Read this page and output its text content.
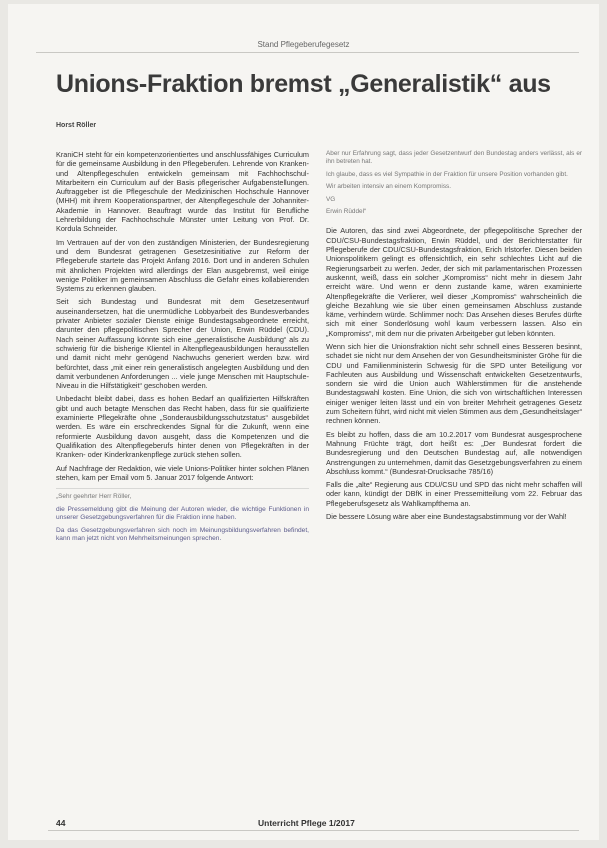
Stand Pflegeberufegesetz
Unions-Fraktion bremst „Generalistik“ aus
Horst Röller

KraniCH steht für ein kompetenzorientiertes und anschlussfähiges Curriculum für die gemeinsame Ausbildung in den Pflegeberufen. Lehrende von Kranken- und Altenpflegeschulen entwickeln gemeinsam mit Fachhochschul-Mitarbeitern ein Curriculum auf der Basis pflegerischer Aufgabenstellungen. Auftraggeber ist die Pflegeschule der Medizinischen Hochschule Hannover (MHH) mit ihrem Kooperationspartner, der Altenpflegeschule der Johanniter-Akademie in Hannover. Beauftragt wurde das Institut für Berufliche Lehrerbildung der Fachhochschule Münster unter Leitung von Prof. Dr. Kordula Schneider.

Im Vertrauen auf der von den zuständigen Ministerien, der Bundesregierung und dem Bundesrat getragenen Gesetzesinitiative zur Reform der Pflegeberufe startete das Projekt Anfang 2016. Dort und in anderen Schulen mit ähnlichen Projekten wird allerdings der Elan ausgebremst, weil einige wenige Politiker im gemeinsamen Abschluss die Gefahr eines kollabierenden Systems zu erkennen glauben.

Seit sich Bundestag und Bundesrat mit dem Gesetzesentwurf auseinandersetzen, hat die unermüdliche Lobbyarbeit des Bundesverbandes privater Anbieter sozialer Dienste einige Bundestagsabgeordnete erreicht, darunter den pflegepolitischen Sprecher der Union, Erwin Rüddel (CDU). Nach seiner Auffassung könnte sich eine „generalistische Ausbildung“ als zu schwierig für die bisherige Klientel in Altenpflegeausbildungen herausstellen und damit nicht mehr genügend Nachwuchs generiert werden bzw. wird befürchtet, dass „mit einer rein generalistisch angelegten Ausbildung und den damit verbundenen Anforderungen ... viele junge Menschen mit Hauptschule-Niveau in die Hilfstätigkeit“ geschoben werden.

Unbedacht bleibt dabei, dass es hohen Bedarf an qualifizierten Hilfskräften gibt und auch betagte Menschen das Recht haben, dass für sie qualifizierte examinierte Pflegekräfte ohne „Sonderausbildungsschutzstatus“ ausgebildet werden. Es wäre ein erschreckendes Signal für die Zukunft, wenn eine reformierte Ausbildung davon ausgeht, dass die Kompetenzen und die Qualifikation des Altenpflegeberufs hinter denen von Pflegekräften in der Kranken- oder Kinderkrankenpflege zurück stehen sollen.

Auf Nachfrage der Redaktion, wie viele Unions-Politiker hinter solchen Plänen stehen, kam per Email vom 5. Januar 2017 folgende Antwort:

„Sehr geehrter Herr Röller,

die Pressemeldung gibt die Meinung der Autoren wieder, die wichtige Funktionen in unserer Gesetzgebungsverfahren für die Fraktion inne haben.

Da das Gesetzgebungsverfahren sich noch im Meinungsbildungsverfahren befindet, kann man jetzt nicht von Mehrheitsmeinungen sprechen.

Aber nur Erfahrung sagt, dass jeder Gesetzentwurf den Bundestag anders verlässt, als er ihn betreten hat.

Ich glaube, dass es viel Sympathie in der Fraktion für unsere Position vorhanden gibt.

Wir arbeiten intensiv an einem Kompromiss.

VG

Erwin Rüddel“

Die Autoren, das sind zwei Abgeordnete, der pflegepolitische Sprecher der CDU/CSU-Bundestagsfraktion, Erwin Rüddel, und der Berichterstatter für Pflegeberufe der CDU/CSU-Bundestagsfraktion, Erich Irlstorfer. Diesen beiden Unionspolitikern gelingt es offensichtlich, ein sehr schlechtes Licht auf die Regierungsarbeit zu werfen. Jeder, der sich mit parlamentarischen Prozessen auskennt, weiß, dass ein solcher „Kompromiss“ nicht mehr in diesem Jahr erreicht wäre. Und wenn er denn zustande kame, wären examinierte Altenpflegekräfte die Verlierer, weil dieser „Kompromiss“ wahrscheinlich die gleiche Bezahlung wie sie über einen gemeinsamen Abschluss zustande käme, verhindern würde. Schlimmer noch: Das Ansehen dieses Berufes dürfte sich mit einer Sonderlösung wohl kaum verbessern lassen. Also ein „Kompromiss“, mit dem nur die privaten Arbeitgeber gut leben könnten.

Wenn sich hier die Unionsfraktion nicht sehr schnell eines Besseren besinnt, schadet sie nicht nur dem Ansehen der von Gesundheitsminister Gröhe für die CDU und Familienministerin Schwesig für die SPD unter Beteiligung vor Fachleuten aus Ausbildung und Wissenschaft entwickelten Gesetzentwurfs, sondern sie wird die Union auch Wählerstimmen für die anstehende Bundestagswahl kosten. Eine Union, die sich von wirtschaftlichen Interessen einiger weniger leiten lässt und ein von breiter Mehrheit getragenes Gesetz zum Scheitern führt, wird nicht mit vielen Stimmen aus dem „Gesundheitslager“ rechnen können.

Es bleibt zu hoffen, dass die am 10.2.2017 vom Bundesrat ausgesprochene Mahnung Früchte trägt, dort heißt es: „Der Bundesrat fordert die Bundesregierung und den Deutschen Bundestag auf, alle notwendigen Anstrengungen zu unternehmen, damit das Gesetzgebungsverfahren zu einem Abschluss kommt.“ (Bundesrat-Drucksache 785/16)

Falls die „alte“ Regierung aus CDU/CSU und SPD das nicht mehr schaffen will oder kann, kündigt der DBfK in einer Pressemitteilung vom 22. Februar das Pflegeberufsgesetz als Wahlkampfthema an.

Die bessere Lösung wäre aber eine Bundestagsabstimmung vor der Wahl!

44	Unterricht Pflege 1/2017
